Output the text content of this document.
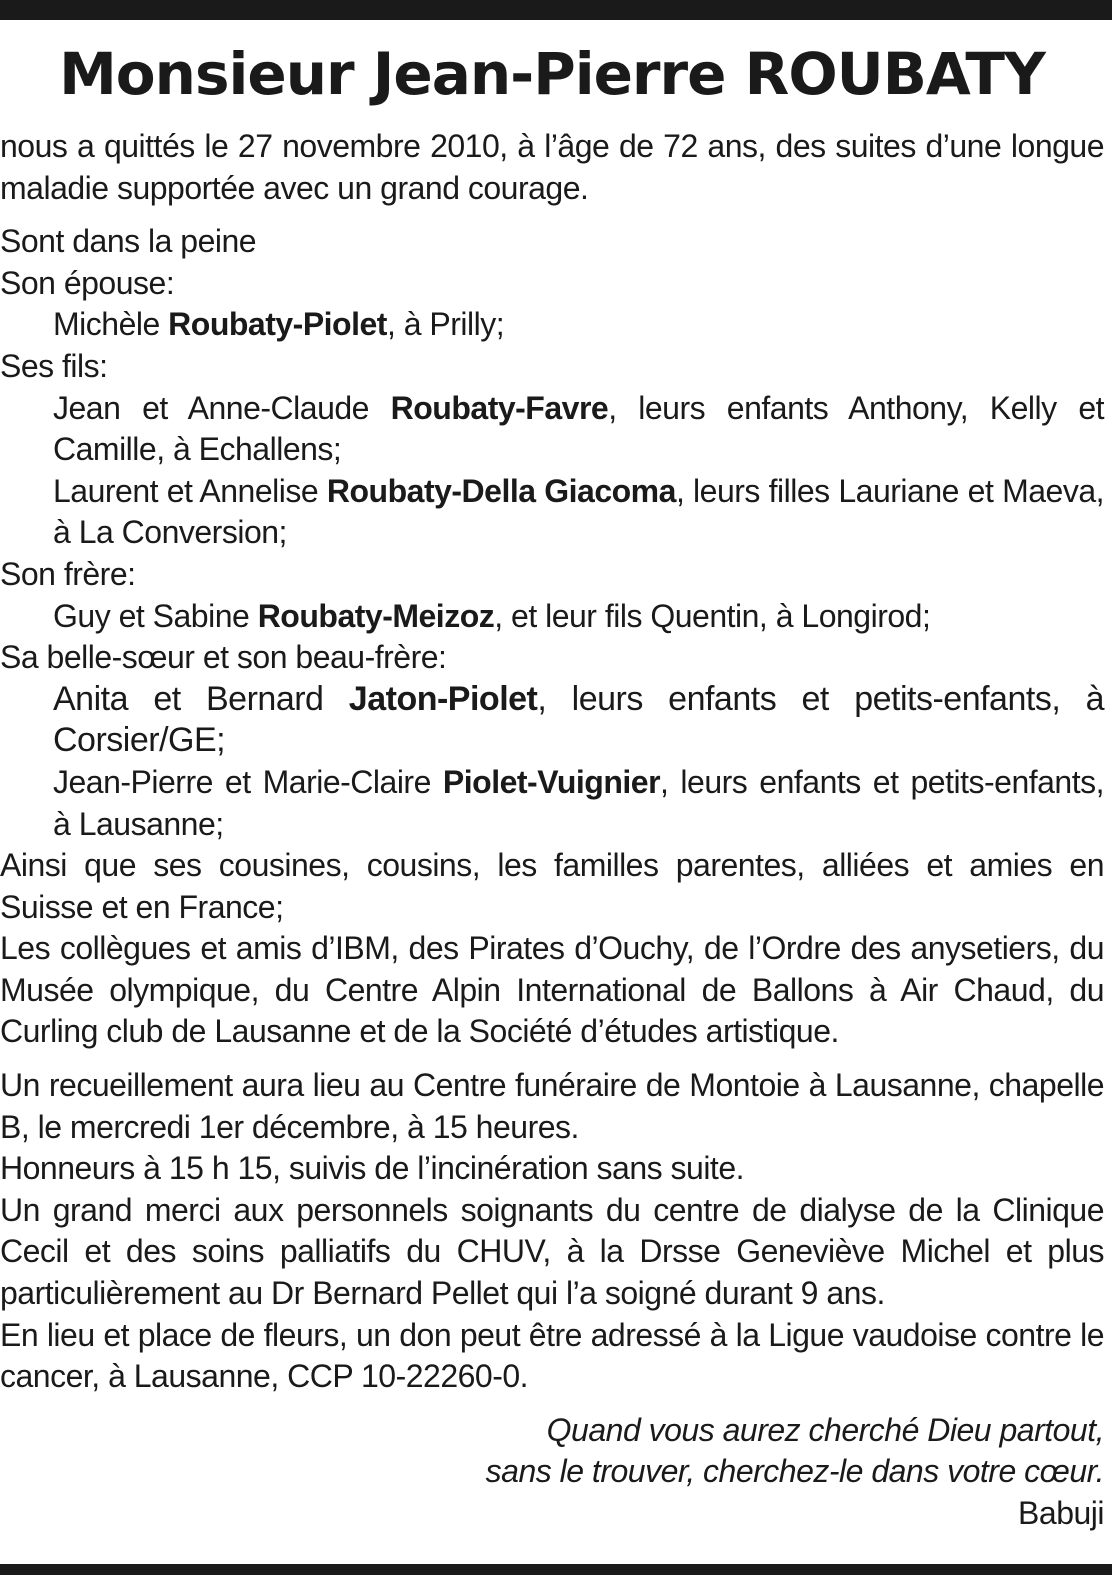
Monsieur Jean-Pierre ROUBATY

nous a quittés le 27 novembre 2010, à l’âge de 72 ans, des suites d’une longue maladie supportée avec un grand courage.

Sont dans la peine
Son épouse:
Michèle Roubaty-Piolet, à Prilly;
Ses fils:
Jean et Anne-Claude Roubaty-Favre, leurs enfants Anthony, Kelly et Camille, à Echallens;
Laurent et Annelise Roubaty-Della Giacoma, leurs filles Lauriane et Maeva, à La Conversion;
Son frère:
Guy et Sabine Roubaty-Meizoz, et leur fils Quentin, à Longirod;
Sa belle-sœur et son beau-frère:
Anita et Bernard Jaton-Piolet, leurs enfants et petits-enfants, à Corsier/GE;
Jean-Pierre et Marie-Claire Piolet-Vuignier, leurs enfants et petits-enfants, à Lausanne;
Ainsi que ses cousines, cousins, les familles parentes, alliées et amies en Suisse et en France;
Les collègues et amis d’IBM, des Pirates d’Ouchy, de l’Ordre des anysetiers, du Musée olympique, du Centre Alpin International de Ballons à Air Chaud, du Curling club de Lausanne et de la Société d’études artistique.
Un recueillement aura lieu au Centre funéraire de Montoie à Lausanne, chapelle B, le mercredi 1er décembre, à 15 heures.
Honneurs à 15 h 15, suivis de l’incinération sans suite.
Un grand merci aux personnels soignants du centre de dialyse de la Clinique Cecil et des soins palliatifs du CHUV, à la Drsse Geneviève Michel et plus particulièrement au Dr Bernard Pellet qui l’a soigné durant 9 ans.
En lieu et place de fleurs, un don peut être adressé à la Ligue vaudoise contre le cancer, à Lausanne, CCP 10-22260-0.
Quand vous aurez cherché Dieu partout,
sans le trouver, cherchez-le dans votre cœur.
Babuji
